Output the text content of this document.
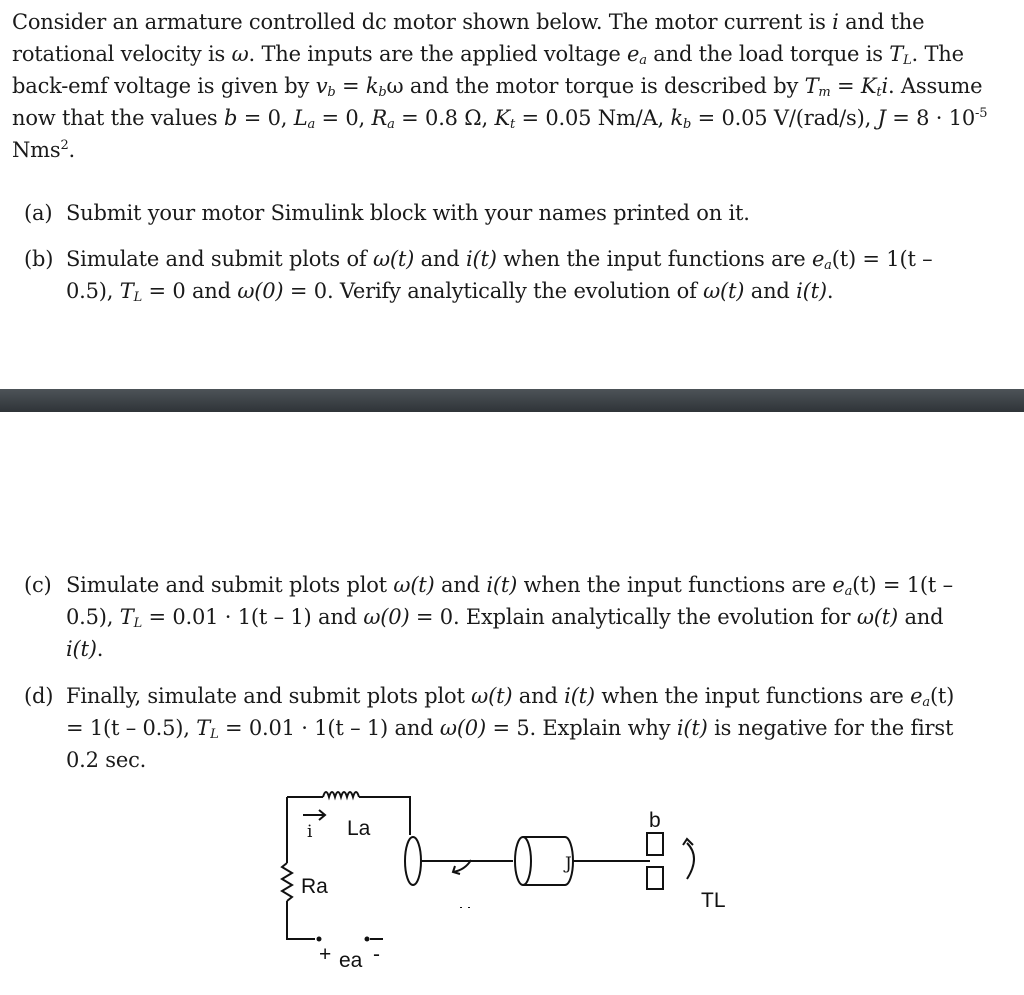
Consider an armature controlled dc motor shown below. The motor current is i and the
rotational velocity is ω. The inputs are the applied voltage $e_a$ and the load torque is $T_L$. The
back-emf voltage is given by $v_b = k_b\omega$ and the motor torque is described by $T_m = K_ti$. Assume
now that the values b = 0, $L_a = 0$, $R_a = 0.8$ Ω, $K_t = 0.05$ Nm/A, $k_b = 0.05$ V/(rad/s), $J = 8 \cdot 10^{-5}$
Nms$^2$.
(a) Submit your motor Simulink block with your names printed on it.
(b) Simulate and submit plots of ω(t) and i(t) when the input functions are $e_a(t) = 1(t$ –
0.5), $T_L = 0$ and ω(0) = 0. Verify analytically the evolution of ω(t) and i(t).
(c) Simulate and submit plots plot ω(t) and i(t) when the input functions are $e_a(t) = 1(t$ –
0.5), $T_L = 0.01 \cdot 1(t - 1)$ and ω(0) = 0. Explain analytically the evolution for ω(t) and
i(t).
(d) Finally, simulate and submit plots plot ω(t) and i(t) when the input functions are $e_a(t)$
= 1(t – 0.5), $T_L = 0.01 \cdot 1(t - 1)$ and ω(0) = 5. Explain why i(t) is negative for the first
0.2 sec.
i La
Ra
+ ea -
J
b
TL
